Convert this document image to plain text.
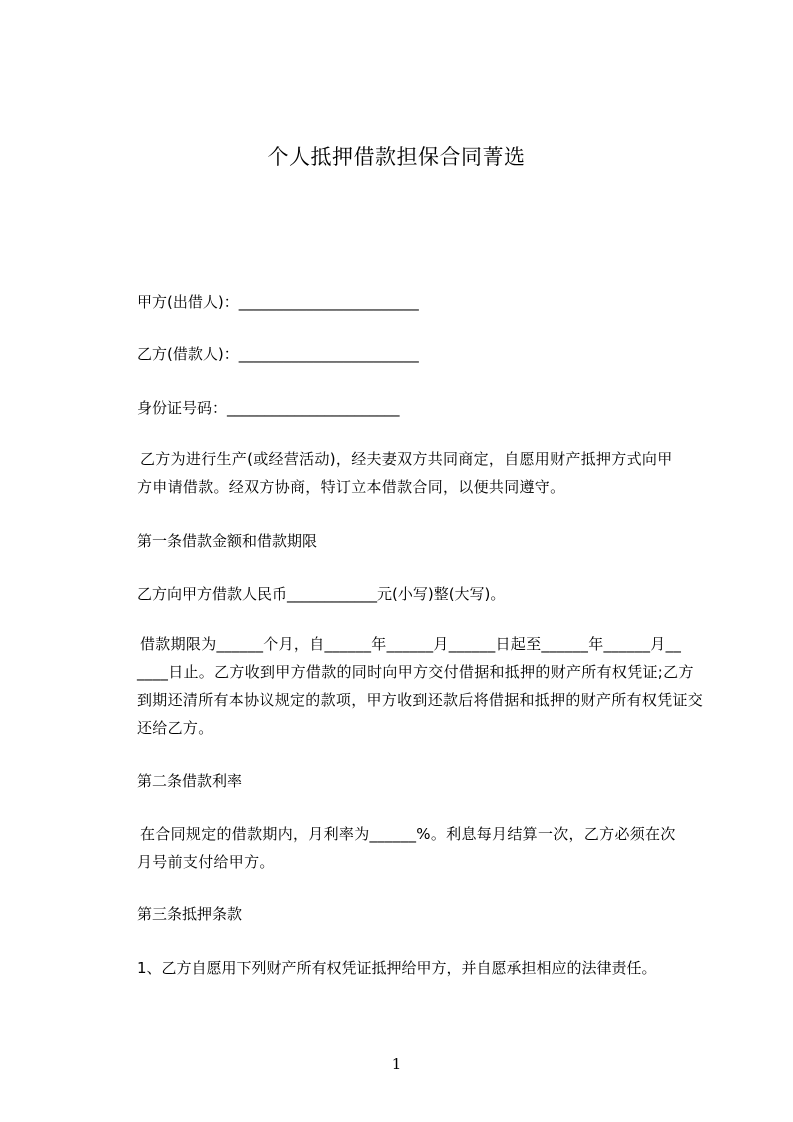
个人抵押借款担保合同菁选
甲方(出借人)：________________________
乙方(借款人)：________________________
身份证号码：_______________________
乙方为进行生产(或经营活动)，经夫妻双方共同商定，自愿用财产抵押方式向甲
方申请借款。经双方协商，特订立本借款合同，以便共同遵守。
第一条借款金额和借款期限
乙方向甲方借款人民币____________元(小写)整(大写)。
借款期限为______个月，自______年______月______日起至______年______月__
____日止。乙方收到甲方借款的同时向甲方交付借据和抵押的财产所有权凭证;乙方
到期还清所有本协议规定的款项，甲方收到还款后将借据和抵押的财产所有权凭证交
还给乙方。
第二条借款利率
在合同规定的借款期内，月利率为______%。利息每月结算一次，乙方必须在次
月号前支付给甲方。
第三条抵押条款
1、乙方自愿用下列财产所有权凭证抵押给甲方，并自愿承担相应的法律责任。
1
